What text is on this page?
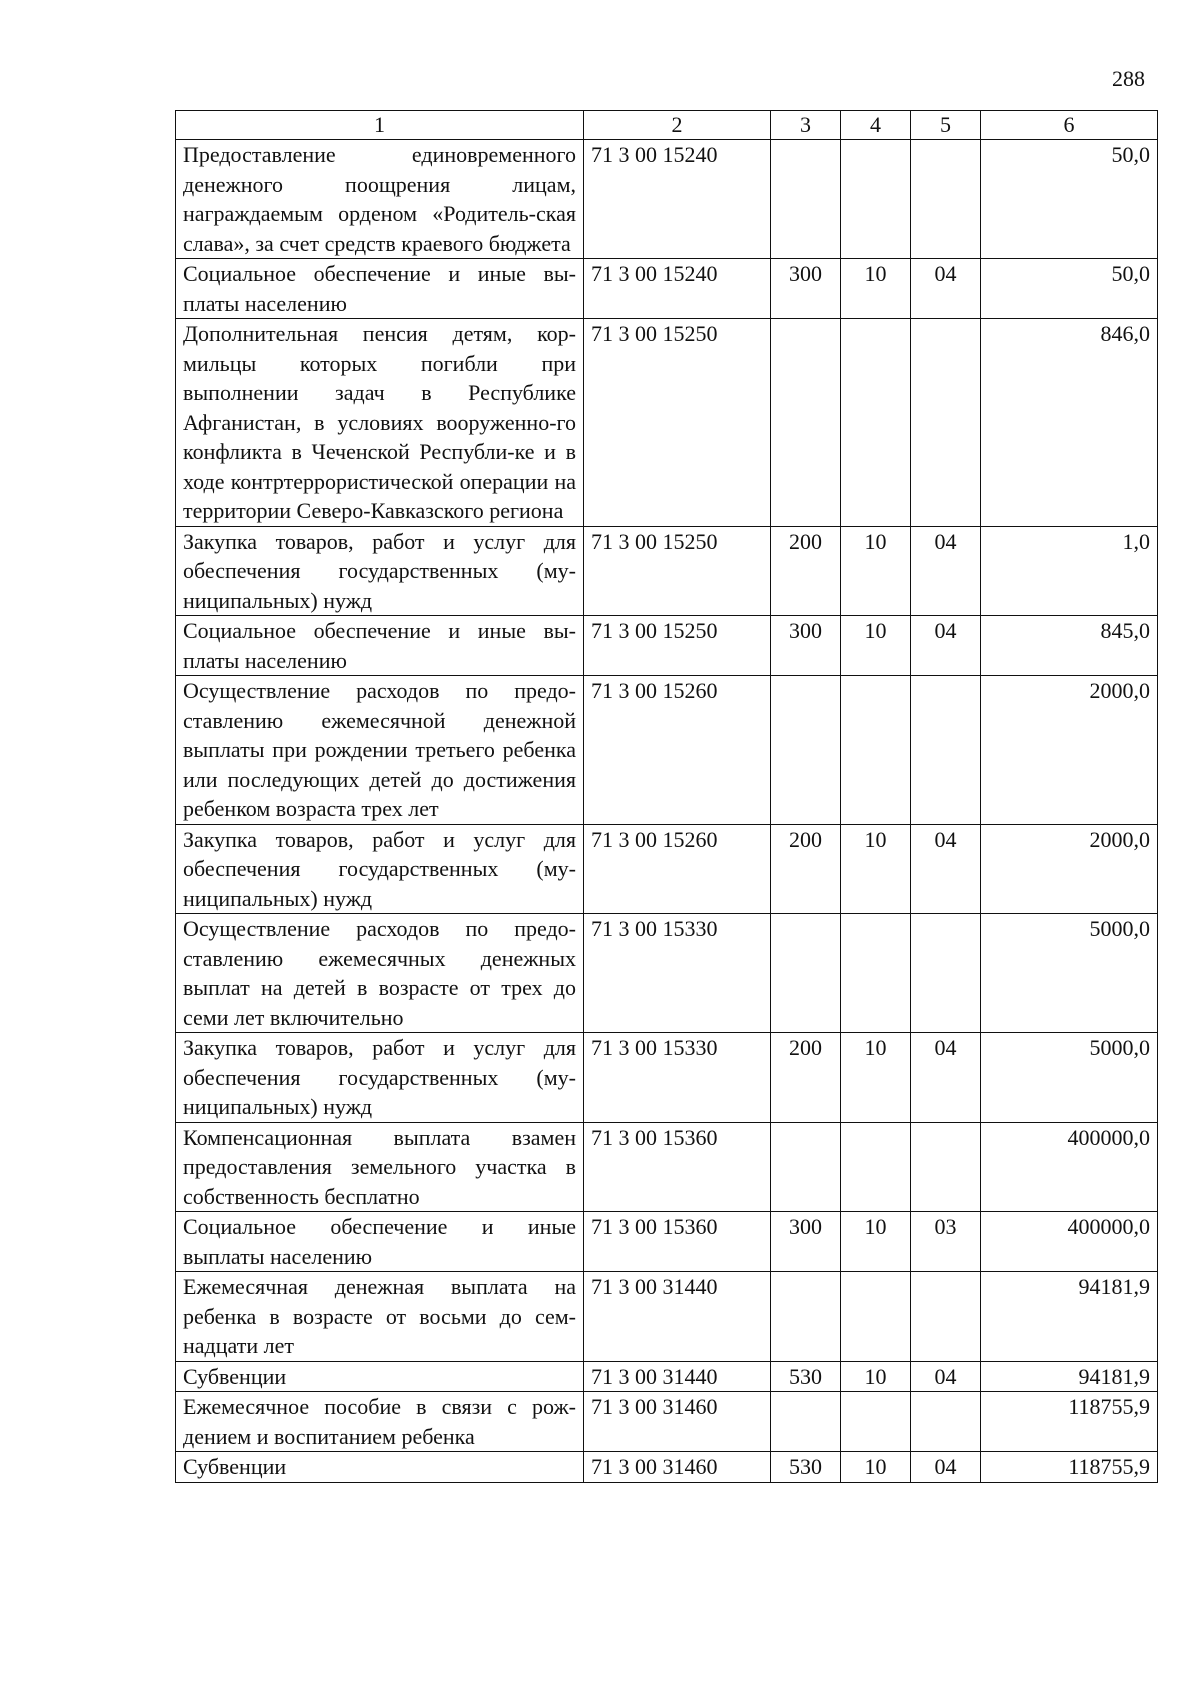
288
1	2	3	4	5	6
Предоставление единовременного денежного поощрения лицам, награждаемым орденом «Родитель-ская слава», за счет средств краевого бюджета	71 3 00 15240				50,0
Социальное обеспечение и иные вы-платы населению	71 3 00 15240	300	10	04	50,0
Дополнительная пенсия детям, кор-мильцы которых погибли при выполнении задач в Республике Афганистан, в условиях вооруженно-го конфликта в Чеченской Республи-ке и в ходе контртеррористической операции на территории Северо-Кавказского региона	71 3 00 15250				846,0
Закупка товаров, работ и услуг для обеспечения государственных (му-ниципальных) нужд	71 3 00 15250	200	10	04	1,0
Социальное обеспечение и иные вы-платы населению	71 3 00 15250	300	10	04	845,0
Осуществление расходов по предо-ставлению ежемесячной денежной выплаты при рождении третьего ребенка или последующих детей до достижения ребенком возраста трех лет	71 3 00 15260				2000,0
Закупка товаров, работ и услуг для обеспечения государственных (му-ниципальных) нужд	71 3 00 15260	200	10	04	2000,0
Осуществление расходов по предо-ставлению ежемесячных денежных выплат на детей в возрасте от трех до семи лет включительно	71 3 00 15330				5000,0
Закупка товаров, работ и услуг для обеспечения государственных (му-ниципальных) нужд	71 3 00 15330	200	10	04	5000,0
Компенсационная выплата взамен предоставления земельного участка в собственность бесплатно	71 3 00 15360				400000,0
Социальное обеспечение и иные выплаты населению	71 3 00 15360	300	10	03	400000,0
Ежемесячная денежная выплата на ребенка в возрасте от восьми до сем-надцати лет	71 3 00 31440				94181,9
Субвенции	71 3 00 31440	530	10	04	94181,9
Ежемесячное пособие в связи с рож-дением и воспитанием ребенка	71 3 00 31460				118755,9
Субвенции	71 3 00 31460	530	10	04	118755,9
